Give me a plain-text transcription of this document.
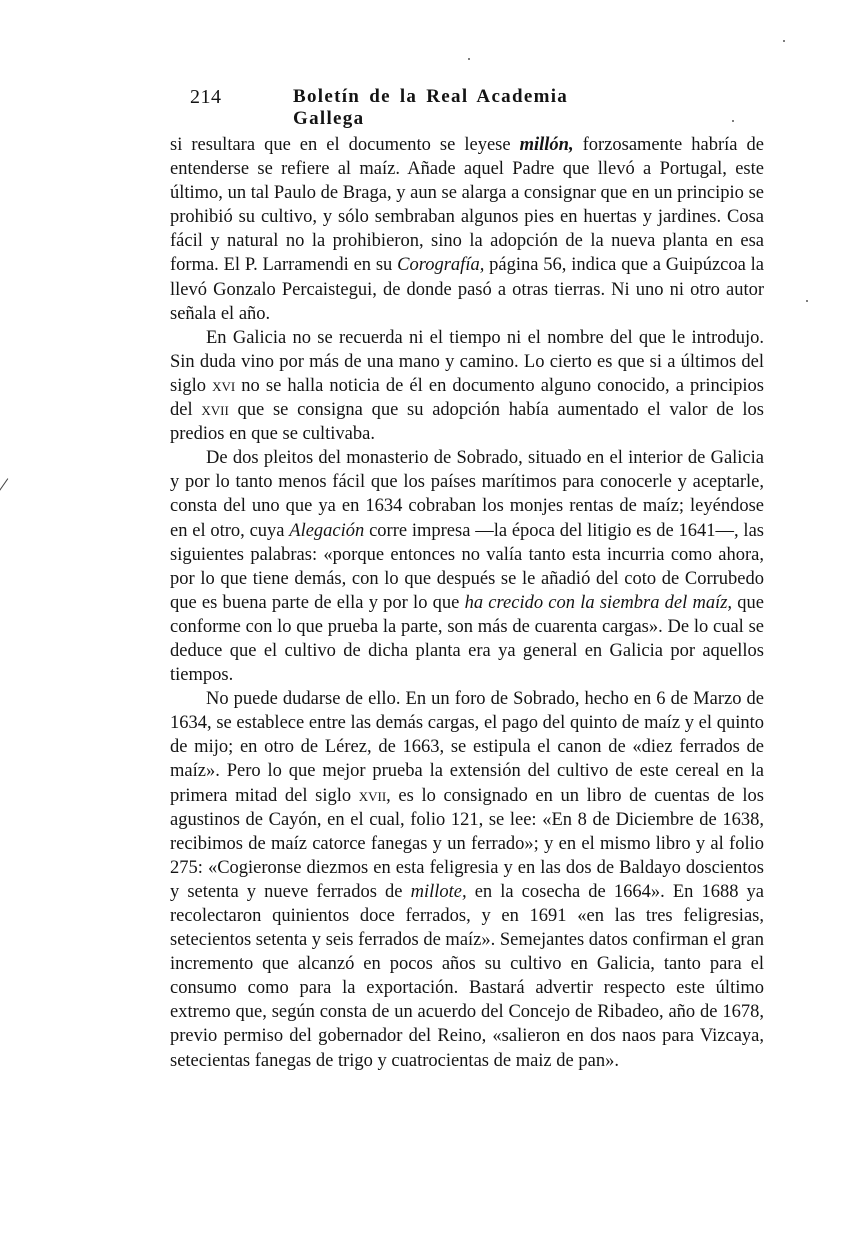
214	Boletín de la Real Academia Gallega

si resultara que en el documento se leyese millón, forzosamente habría de entenderse se refiere al maíz. Añade aquel Padre que llevó a Portugal, este último, un tal Paulo de Braga, y aun se alarga a consignar que en un principio se prohibió su cultivo, y sólo sembraban algunos pies en huertas y jardines. Cosa fácil y natural no la prohibieron, sino la adopción de la nueva planta en esa forma. El P. Larramendi en su Corografía, página 56, indica que a Guipúzcoa la llevó Gonzalo Percaistegui, de donde pasó a otras tierras. Ni uno ni otro autor señala el año.

En Galicia no se recuerda ni el tiempo ni el nombre del que le introdujo. Sin duda vino por más de una mano y camino. Lo cierto es que si a últimos del siglo xvi no se halla noticia de él en documento alguno conocido, a principios del xvii que se consigna que su adopción había aumentado el valor de los predios en que se cultivaba.

De dos pleitos del monasterio de Sobrado, situado en el interior de Galicia y por lo tanto menos fácil que los países marítimos para conocerle y aceptarle, consta del uno que ya en 1634 cobraban los monjes rentas de maíz; leyéndose en el otro, cuya Alegación corre impresa —la época del litigio es de 1641—, las siguientes palabras: «porque entonces no valía tanto esta incurria como ahora, por lo que tiene demás, con lo que después se le añadió del coto de Corrubedo que es buena parte de ella y por lo que ha crecido con la siembra del maíz, que conforme con lo que prueba la parte, son más de cuarenta cargas». De lo cual se deduce que el cultivo de dicha planta era ya general en Galicia por aquellos tiempos.

No puede dudarse de ello. En un foro de Sobrado, hecho en 6 de Marzo de 1634, se establece entre las demás cargas, el pago del quinto de maíz y el quinto de mijo; en otro de Lérez, de 1663, se estipula el canon de «diez ferrados de maíz». Pero lo que mejor prueba la extensión del cultivo de este cereal en la primera mitad del siglo xvii, es lo consignado en un libro de cuentas de los agustinos de Cayón, en el cual, folio 121, se lee: «En 8 de Diciembre de 1638, recibimos de maíz catorce fanegas y un ferrado»; y en el mismo libro y al folio 275: «Cogieronse diezmos en esta feligresia y en las dos de Baldayo doscientos y setenta y nueve ferrados de millote, en la cosecha de 1664». En 1688 ya recolectaron quinientos doce ferrados, y en 1691 «en las tres feligresias, setecientos setenta y seis ferrados de maíz». Semejantes datos confirman el gran incremento que alcanzó en pocos años su cultivo en Galicia, tanto para el consumo como para la exportación. Bastará advertir respecto este último extremo que, según consta de un acuerdo del Concejo de Ribadeo, año de 1678, previo permiso del gobernador del Reino, «salieron en dos naos para Vizcaya, setecientas fanegas de trigo y cuatrocientas de maiz de pan».
